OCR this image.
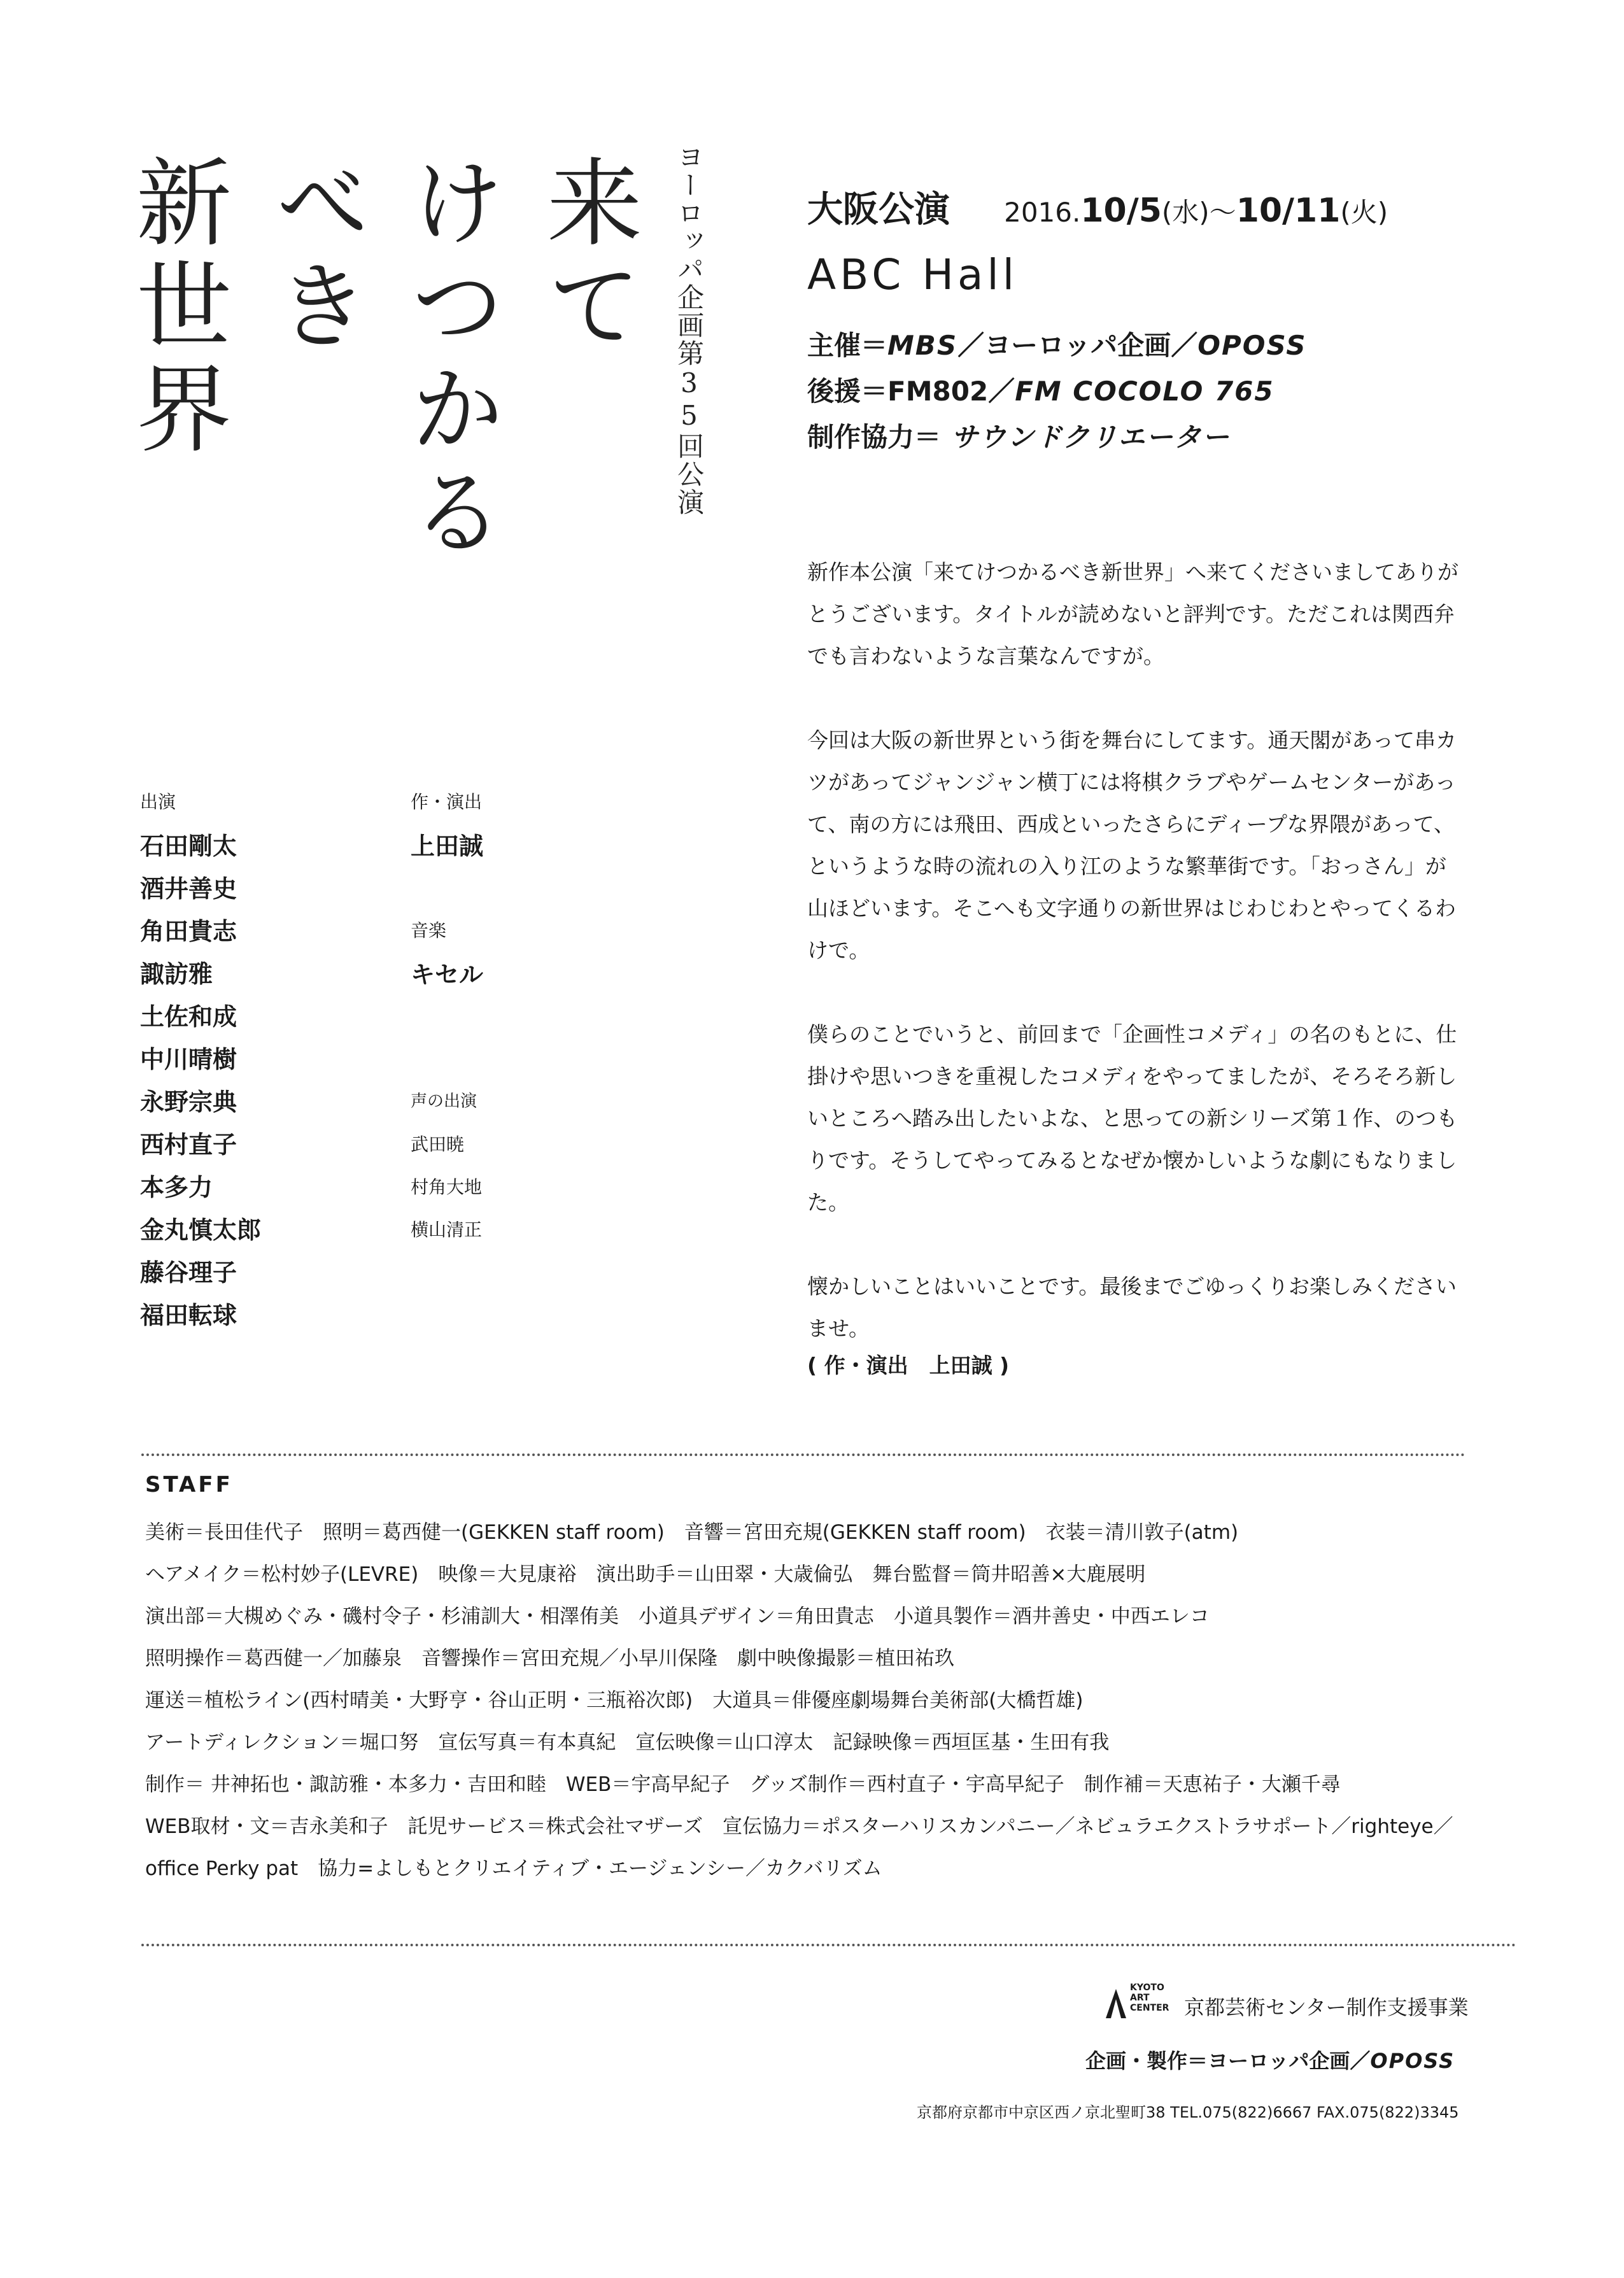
来て
けつかる
べき
新世界	ヨーロッパ企画第35回公演	大阪公演 2016.10/5(水)～10/11(火)
ABC Hall
主催＝MBS／ヨーロッパ企画／OPOSS
後援＝FM802／FM COCOLO 765
制作協力＝ サウンドクリエーター

新作本公演「来てけつかるべき新世界」へ来てくださいましてありがとうございます。タイトルが読めないと評判です。ただこれは関西弁でも言わないような言葉なんですが。

今回は大阪の新世界という街を舞台にしてます。通天閣があって串カツがあってジャンジャン横丁には将棋クラブやゲームセンターがあって、南の方には飛田、西成といったさらにディープな界隈があって、というような時の流れの入り江のような繁華街です。「おっさん」が山ほどいます。そこへも文字通りの新世界はじわじわとやってくるわけで。

僕らのことでいうと、前回まで「企画性コメディ」の名のもとに、仕掛けや思いつきを重視したコメディをやってましたが、そろそろ新しいところへ踏み出したいよな、と思っての新シリーズ第１作、のつもりです。そうしてやってみるとなぜか懐かしいような劇にもなりました。

懐かしいことはいいことです。最後までごゆっくりお楽しみくださいませ。

( 作・演出　上田誠 )
出演
石田剛太
酒井善史
角田貴志
諏訪雅
土佐和成
中川晴樹
永野宗典
西村直子
本多力
金丸慎太郎
藤谷理子
福田転球
作・演出
上田誠
音楽
キセル
声の出演
武田暁
村角大地
横山清正
STAFF
美術＝長田佳代子　照明＝葛西健一(GEKKEN staff room)　音響＝宮田充規(GEKKEN staff room)　衣装＝清川敦子(atm)
ヘアメイク＝松村妙子(LEVRE)　映像＝大見康裕　演出助手＝山田翠・大歳倫弘　舞台監督＝筒井昭善×大鹿展明
演出部＝大槻めぐみ・磯村令子・杉浦訓大・相澤侑美　小道具デザイン＝角田貴志　小道具製作＝酒井善史・中西エレコ
照明操作＝葛西健一／加藤泉　音響操作＝宮田充規／小早川保隆　劇中映像撮影＝植田祐玖
運送＝植松ライン(西村晴美・大野亨・谷山正明・三瓶裕次郎)　大道具＝俳優座劇場舞台美術部(大橋哲雄)
アートディレクション＝堀口努　宣伝写真＝有本真紀　宣伝映像＝山口淳太　記録映像＝西垣匡基・生田有我
制作＝ 井神拓也・諏訪雅・本多力・吉田和睦　WEB＝宇高早紀子　グッズ制作＝西村直子・宇高早紀子　制作補＝天恵祐子・大瀬千尋
WEB取材・文＝吉永美和子　託児サービス＝株式会社マザーズ　宣伝協力＝ポスターハリスカンパニー／ネビュラエクストラサポート／righteye／
office Perky pat　協力=よしもとクリエイティブ・エージェンシー／カクバリズム
KYOTO
ART
CENTER 京都芸術センター制作支援事業
企画・製作＝ヨーロッパ企画／OPOSS
京都府京都市中京区西ノ京北聖町38 TEL.075(822)6667 FAX.075(822)3345
